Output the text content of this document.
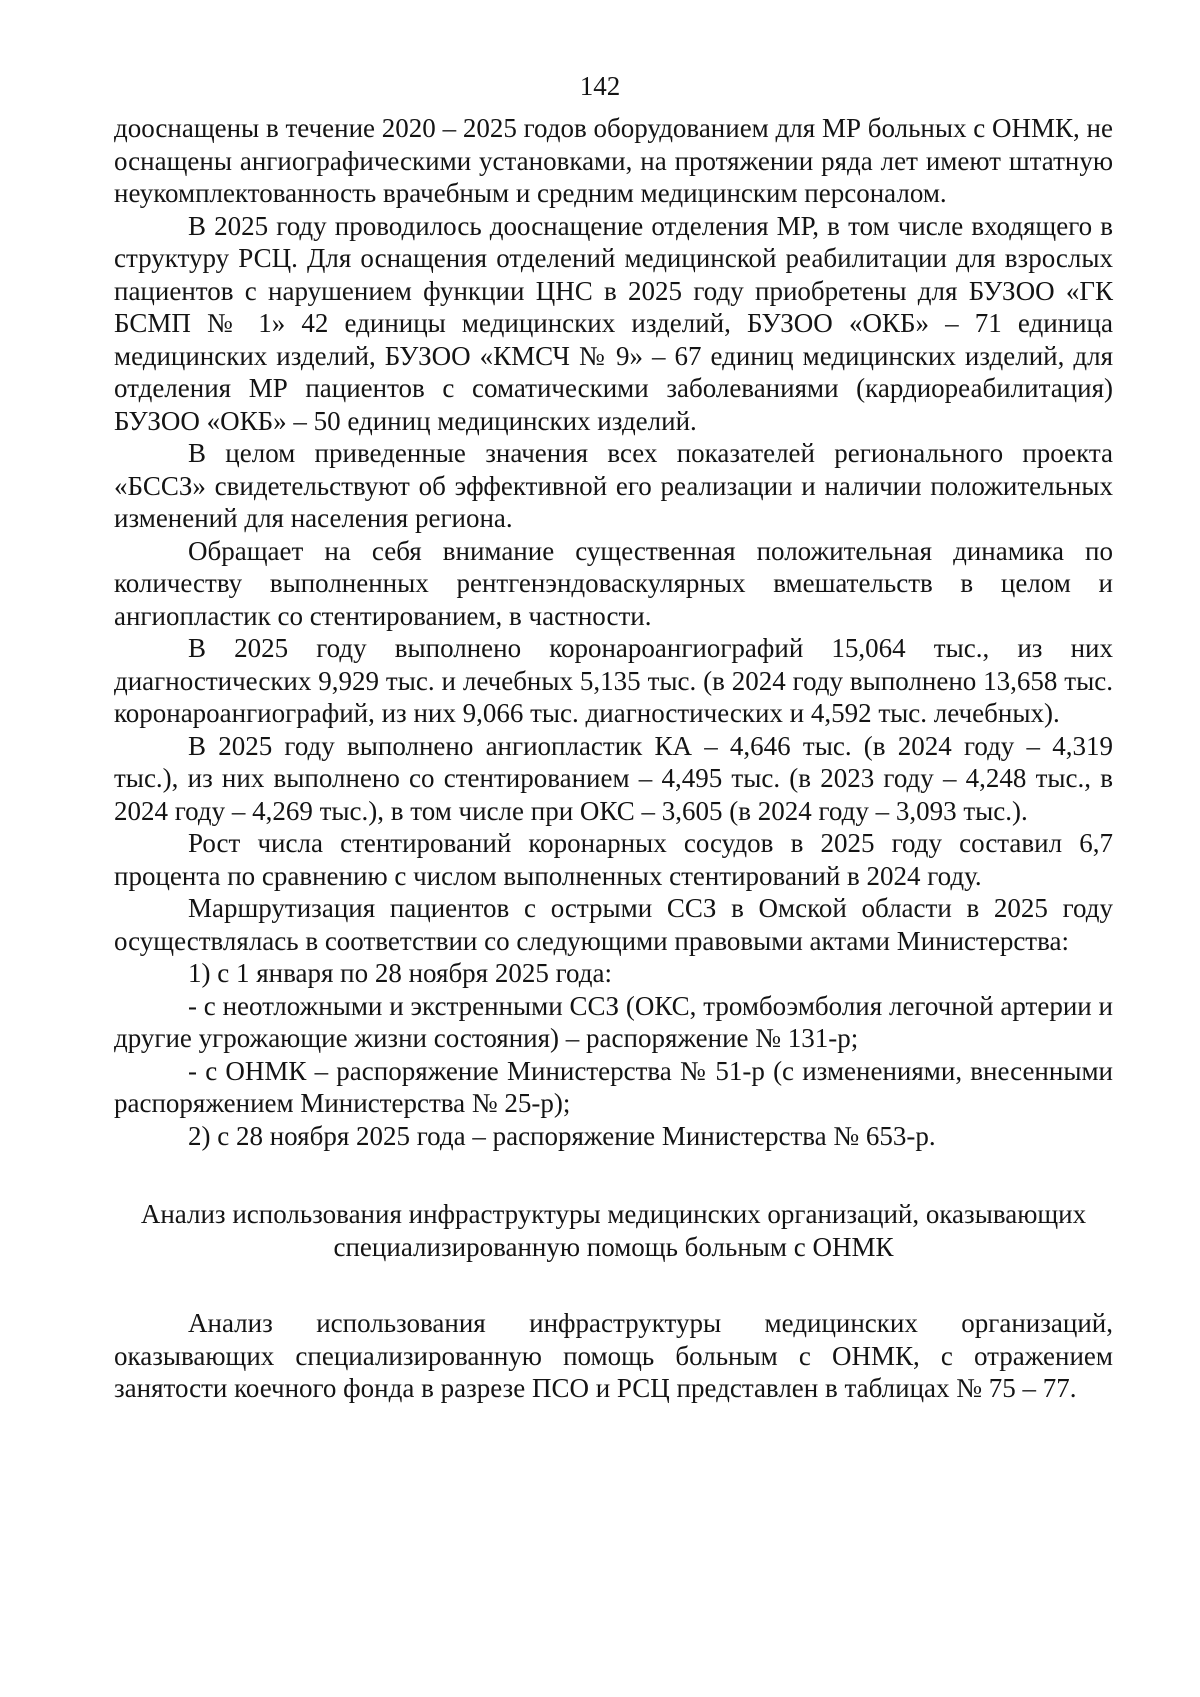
142

дооснащены в течение 2020 – 2025 годов оборудованием для МР больных с ОНМК, не оснащены ангиографическими установками, на протяжении ряда лет имеют штатную неукомплектованность врачебным и средним медицинским персоналом.

В 2025 году проводилось дооснащение отделения МР, в том числе входящего в структуру РСЦ. Для оснащения отделений медицинской реабилитации для взрослых пациентов с нарушением функции ЦНС в 2025 году приобретены для БУЗОО «ГК БСМП № 1» 42 единицы медицинских изделий, БУЗОО «ОКБ» – 71 единица медицинских изделий, БУЗОО «КМСЧ № 9» – 67 единиц медицинских изделий, для отделения МР пациентов с соматическими заболеваниями (кардиореабилитация) БУЗОО «ОКБ» – 50 единиц медицинских изделий.

В целом приведенные значения всех показателей регионального проекта «БССЗ» свидетельствуют об эффективной его реализации и наличии положительных изменений для населения региона.

Обращает на себя внимание существенная положительная динамика по количеству выполненных рентгенэндоваскулярных вмешательств в целом и ангиопластик со стентированием, в частности.

В 2025 году выполнено коронароангиографий 15,064 тыс., из них диагностических 9,929 тыс. и лечебных 5,135 тыс. (в 2024 году выполнено 13,658 тыс. коронароангиографий, из них 9,066 тыс. диагностических и 4,592 тыс. лечебных).

В 2025 году выполнено ангиопластик КА – 4,646 тыс. (в 2024 году – 4,319 тыс.), из них выполнено со стентированием – 4,495 тыс. (в 2023 году – 4,248 тыс., в 2024 году – 4,269 тыс.), в том числе при ОКС – 3,605 (в 2024 году – 3,093 тыс.).

Рост числа стентирований коронарных сосудов в 2025 году составил 6,7 процента по сравнению с числом выполненных стентирований в 2024 году.

Маршрутизация пациентов с острыми ССЗ в Омской области в 2025 году осуществлялась в соответствии со следующими правовыми актами Министерства:

1) с 1 января по 28 ноября 2025 года:

- с неотложными и экстренными ССЗ (ОКС, тромбоэмболия легочной артерии и другие угрожающие жизни состояния) – распоряжение № 131-р;

- с ОНМК – распоряжение Министерства № 51-р (с изменениями, внесенными распоряжением Министерства № 25-р);

2) с 28 ноября 2025 года – распоряжение Министерства № 653-р.

Анализ использования инфраструктуры медицинских организаций, оказывающих
специализированную помощь больным с ОНМК

Анализ использования инфраструктуры медицинских организаций, оказывающих специализированную помощь больным с ОНМК, с отражением занятости коечного фонда в разрезе ПСО и РСЦ представлен в таблицах № 75 – 77.
